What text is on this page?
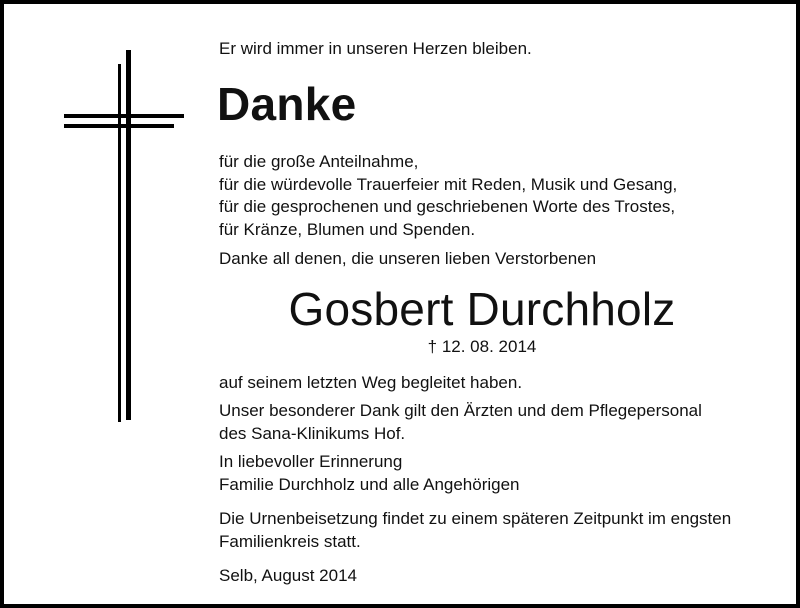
Er wird immer in unseren Herzen bleiben.
Danke
für die große Anteilnahme,
für die würdevolle Trauerfeier mit Reden, Musik und Gesang,
für die gesprochenen und geschriebenen Worte des Trostes,
für Kränze, Blumen und Spenden.
Danke all denen, die unseren lieben Verstorbenen
Gosbert Durchholz
† 12. 08. 2014
auf seinem letzten Weg begleitet haben.
Unser besonderer Dank gilt den Ärzten und dem Pflegepersonal
des Sana-Klinikums Hof.
In liebevoller Erinnerung
Familie Durchholz und alle Angehörigen
Die Urnenbeisetzung findet zu einem späteren Zeitpunkt im engsten
Familienkreis statt.
Selb, August 2014
